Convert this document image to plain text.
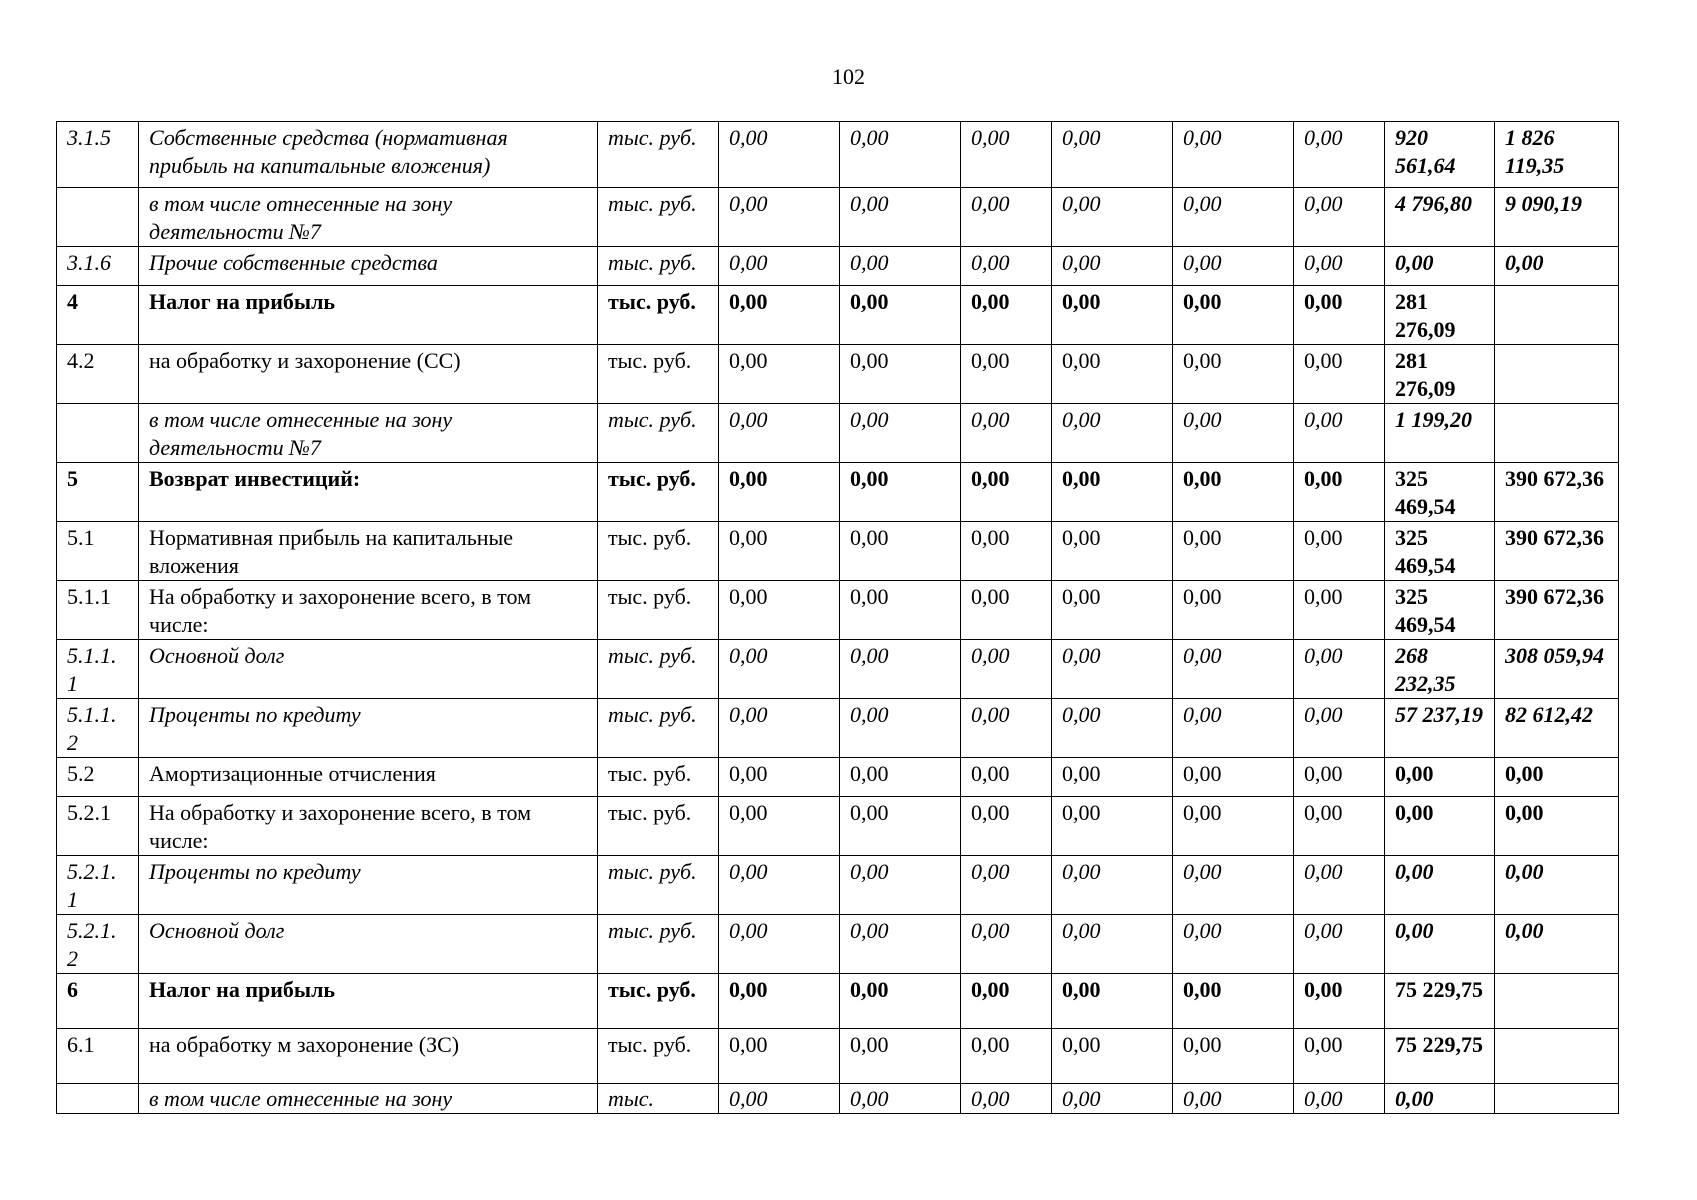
102
3.1.5	Собственные средства (нормативная прибыль на капитальные вложения)	тыс. руб.	0,00	0,00	0,00	0,00	0,00	0,00	920 561,64	1 826 119,35
	в том числе отнесенные на зону деятельности №7	тыс. руб.	0,00	0,00	0,00	0,00	0,00	0,00	4 796,80	9 090,19
3.1.6	Прочие собственные средства	тыс. руб.	0,00	0,00	0,00	0,00	0,00	0,00	0,00	0,00
4	Налог на прибыль	тыс. руб.	0,00	0,00	0,00	0,00	0,00	0,00	281 276,09	
4.2	на обработку и захоронение (СС)	тыс. руб.	0,00	0,00	0,00	0,00	0,00	0,00	281 276,09	
	в том числе отнесенные на зону деятельности №7	тыс. руб.	0,00	0,00	0,00	0,00	0,00	0,00	1 199,20	
5	Возврат инвестиций:	тыс. руб.	0,00	0,00	0,00	0,00	0,00	0,00	325 469,54	390 672,36
5.1	Нормативная прибыль на капитальные вложения	тыс. руб.	0,00	0,00	0,00	0,00	0,00	0,00	325 469,54	390 672,36
5.1.1	На обработку и захоронение всего, в том числе:	тыс. руб.	0,00	0,00	0,00	0,00	0,00	0,00	325 469,54	390 672,36
5.1.1. 1	Основной долг	тыс. руб.	0,00	0,00	0,00	0,00	0,00	0,00	268 232,35	308 059,94
5.1.1. 2	Проценты по кредиту	тыс. руб.	0,00	0,00	0,00	0,00	0,00	0,00	57 237,19	82 612,42
5.2	Амортизационные отчисления	тыс. руб.	0,00	0,00	0,00	0,00	0,00	0,00	0,00	0,00
5.2.1	На обработку и захоронение всего, в том числе:	тыс. руб.	0,00	0,00	0,00	0,00	0,00	0,00	0,00	0,00
5.2.1. 1	Проценты по кредиту	тыс. руб.	0,00	0,00	0,00	0,00	0,00	0,00	0,00	0,00
5.2.1. 2	Основной долг	тыс. руб.	0,00	0,00	0,00	0,00	0,00	0,00	0,00	0,00
6	Налог на прибыль	тыс. руб.	0,00	0,00	0,00	0,00	0,00	0,00	75 229,75	
6.1	на обработку м захоронение (ЗС)	тыс. руб.	0,00	0,00	0,00	0,00	0,00	0,00	75 229,75	
	в том числе отнесенные на зону	тыс.	0,00	0,00	0,00	0,00	0,00	0,00	0,00	
